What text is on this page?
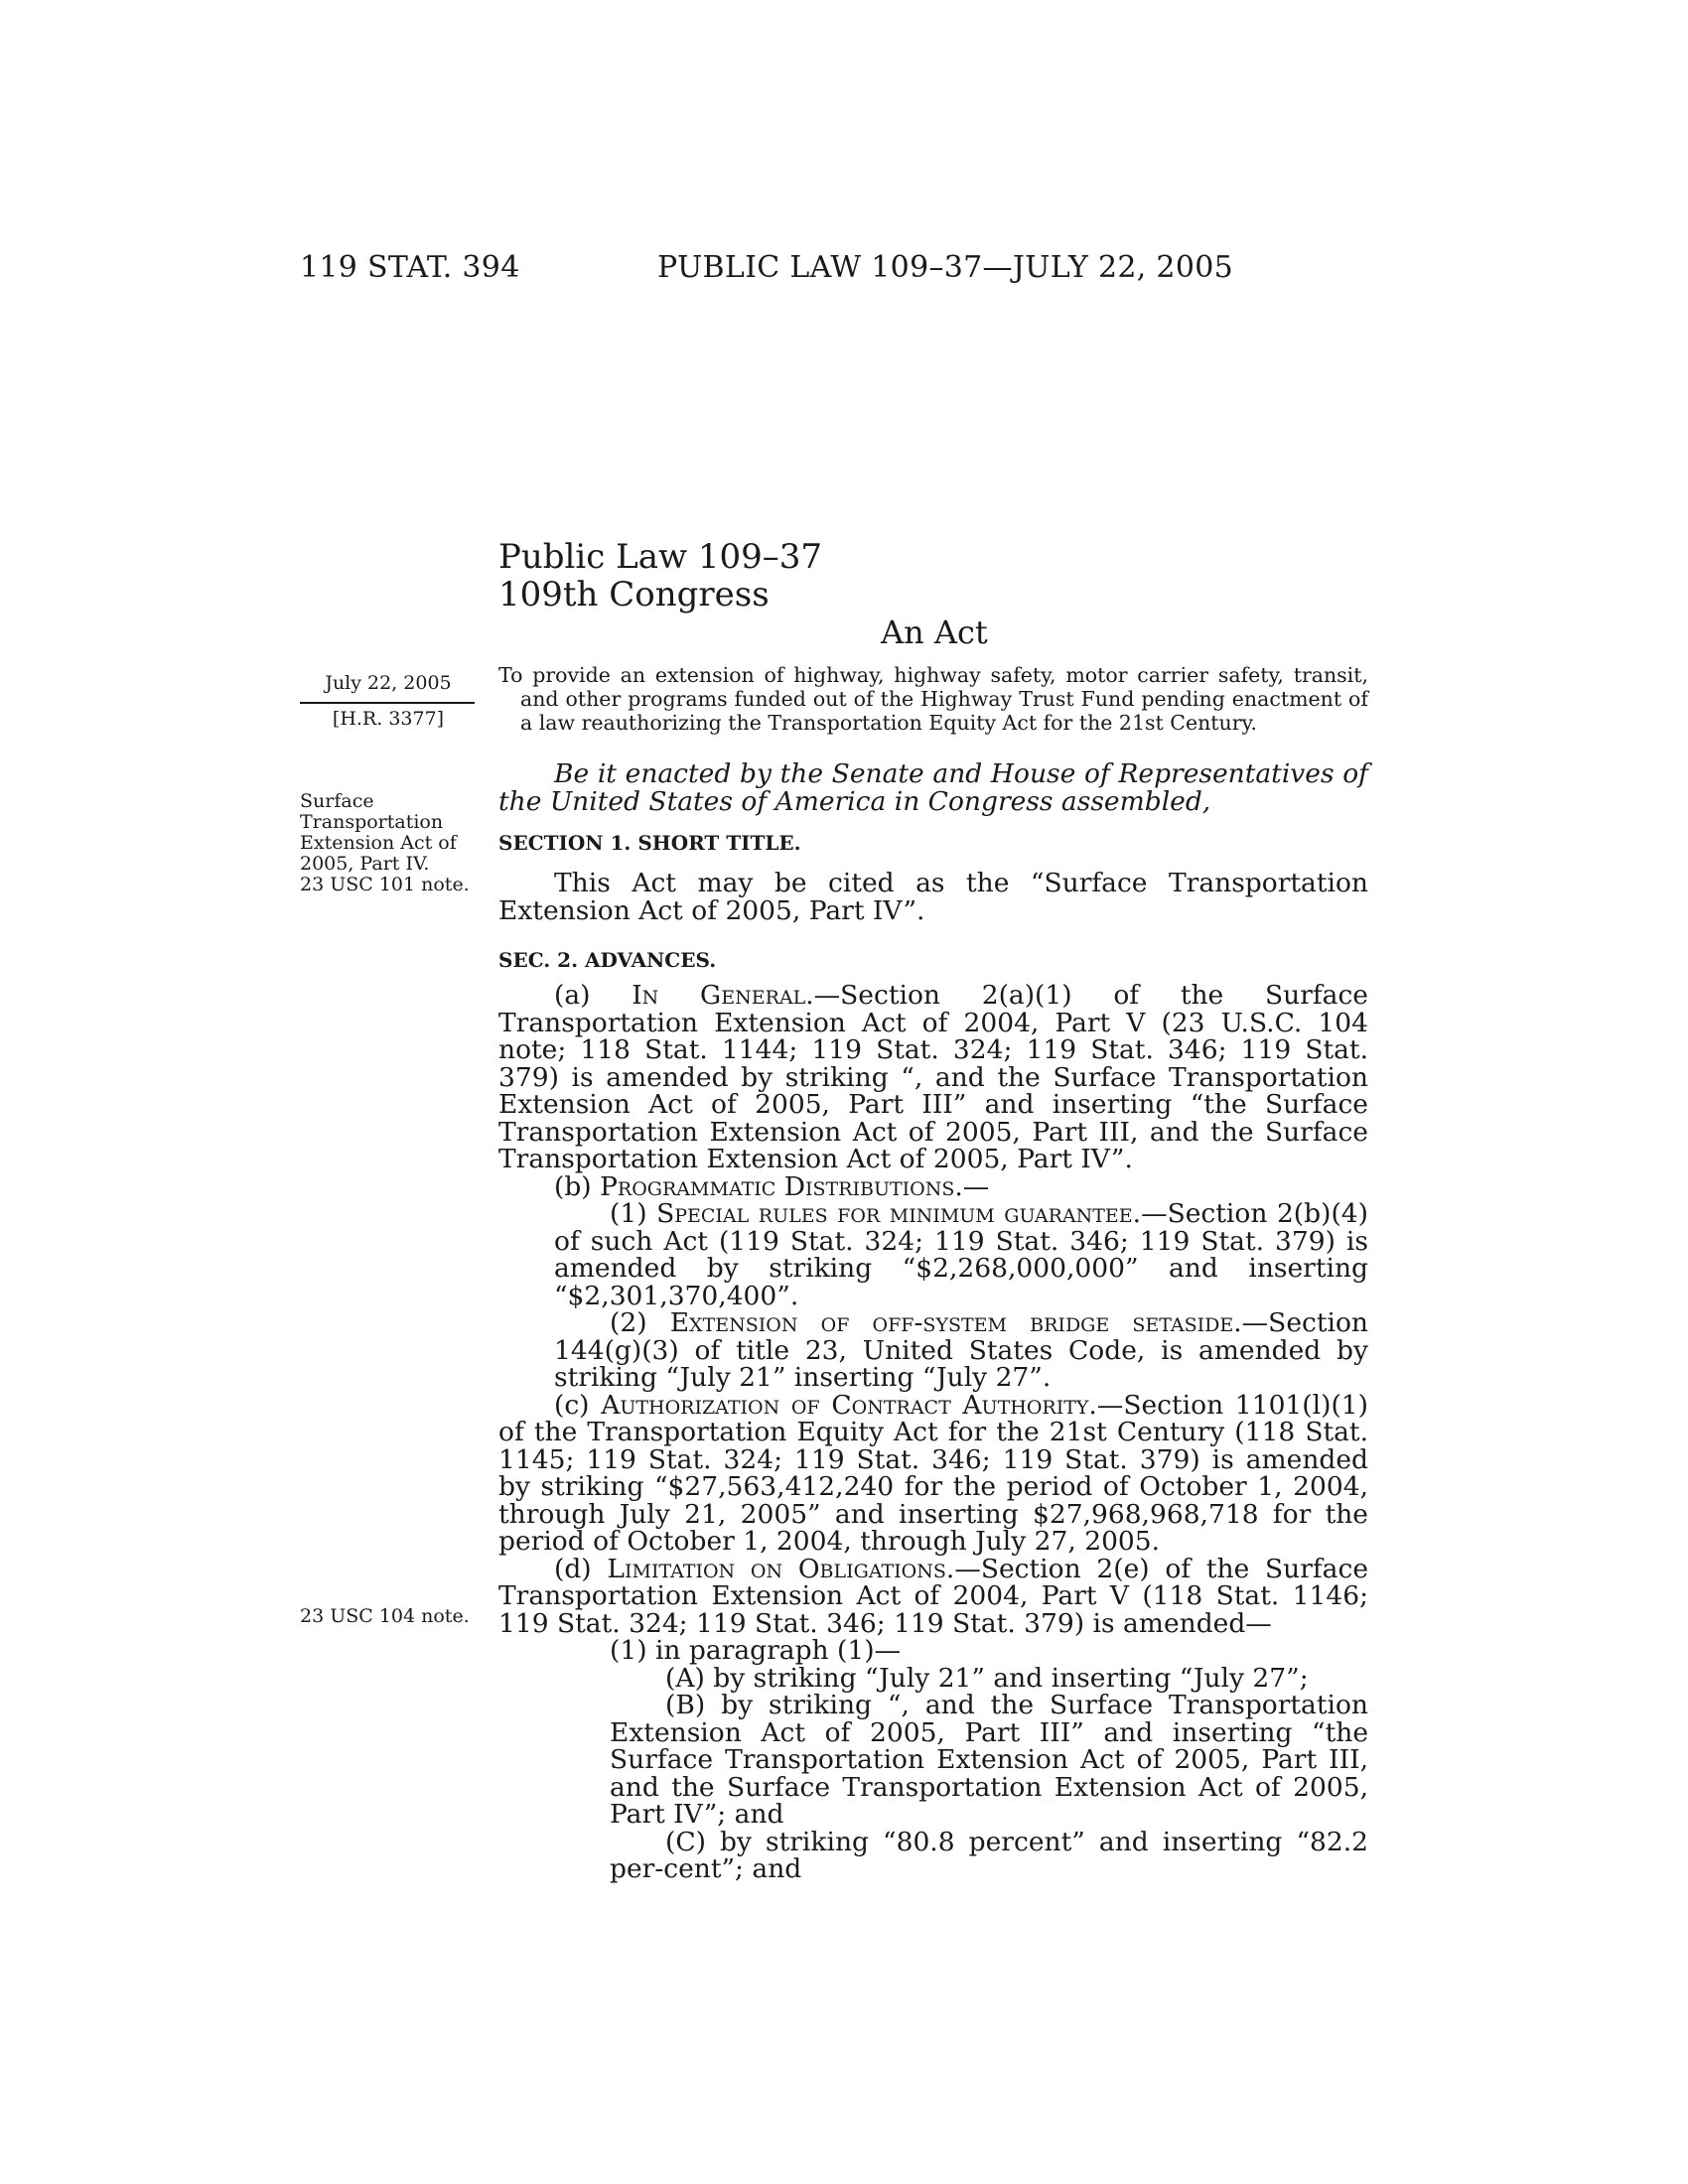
119 STAT. 394	PUBLIC LAW 109–37—JULY 22, 2005
Public Law 109–37
109th Congress
An Act
July 22, 2005
[H.R. 3377]
Surface
Transportation
Extension Act of
2005, Part IV.
23 USC 101 note.
23 USC 104 note.
To provide an extension of highway, highway safety, motor carrier safety, transit, and other programs funded out of the Highway Trust Fund pending enactment of a law reauthorizing the Transportation Equity Act for the 21st Century.

Be it enacted by the Senate and House of Representatives of the United States of America in Congress assembled,

SECTION 1. SHORT TITLE.

This Act may be cited as the “Surface Transportation Extension Act of 2005, Part IV”.

SEC. 2. ADVANCES.

(a) In General.—Section 2(a)(1) of the Surface Transportation Extension Act of 2004, Part V (23 U.S.C. 104 note; 118 Stat. 1144; 119 Stat. 324; 119 Stat. 346; 119 Stat. 379) is amended by striking “, and the Surface Transportation Extension Act of 2005, Part III” and inserting “the Surface Transportation Extension Act of 2005, Part III, and the Surface Transportation Extension Act of 2005, Part IV”.

(b) Programmatic Distributions.—

(1) Special rules for minimum guarantee.—Section 2(b)(4) of such Act (119 Stat. 324; 119 Stat. 346; 119 Stat. 379) is amended by striking “$2,268,000,000” and inserting “$2,301,370,400”.

(2) Extension of off-system bridge setaside.—Section 144(g)(3) of title 23, United States Code, is amended by striking “July 21” inserting “July 27”.

(c) Authorization of Contract Authority.—Section 1101(l)(1) of the Transportation Equity Act for the 21st Century (118 Stat. 1145; 119 Stat. 324; 119 Stat. 346; 119 Stat. 379) is amended by striking “$27,563,412,240 for the period of October 1, 2004, through July 21, 2005” and inserting $27,968,968,718 for the period of October 1, 2004, through July 27, 2005.

(d) Limitation on Obligations.—Section 2(e) of the Surface Transportation Extension Act of 2004, Part V (118 Stat. 1146; 119 Stat. 324; 119 Stat. 346; 119 Stat. 379) is amended—

(1) in paragraph (1)—

(A) by striking “July 21” and inserting “July 27”;

(B) by striking “, and the Surface Transportation Extension Act of 2005, Part III” and inserting “the Surface Transportation Extension Act of 2005, Part III, and the Surface Transportation Extension Act of 2005, Part IV”; and

(C) by striking “80.8 percent” and inserting “82.2 per-cent”; and
